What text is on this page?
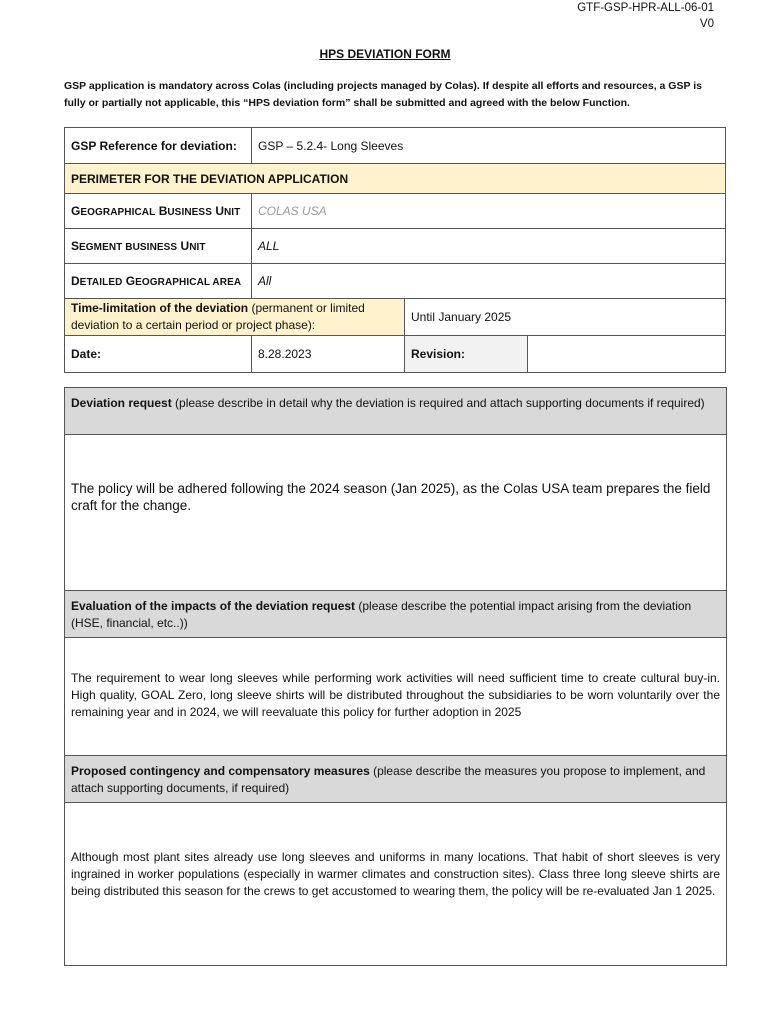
GTF-GSP-HPR-ALL-06-01
V0
HPS DEVIATION FORM
GSP application is mandatory across Colas (including projects managed by Colas). If despite all efforts and resources, a GSP is fully or partially not applicable, this “HPS deviation form” shall be submitted and agreed with the below Function.
GSP Reference for deviation:	GSP – 5.2.4- Long Sleeves		
PERIMETER FOR THE DEVIATION APPLICATION			
GEOGRAPHICAL BUSINESS UNIT	COLAS USA		
SEGMENT BUSINESS UNIT	ALL		
DETAILED GEOGRAPHICAL AREA	All		
Time-limitation of the deviation (permanent or limited deviation to a certain period or project phase):		Until January 2025	
Date:	8.28.2023	Revision:	
Deviation request (please describe in detail why the deviation is required and attach supporting documents if required)
The policy will be adhered following the 2024 season (Jan 2025), as the Colas USA team prepares the field craft for the change.
Evaluation of the impacts of the deviation request (please describe the potential impact arising from the deviation (HSE, financial, etc..))
The requirement to wear long sleeves while performing work activities will need sufficient time to create cultural buy-in. High quality, GOAL Zero, long sleeve shirts will be distributed throughout the subsidiaries to be worn voluntarily over the remaining year and in 2024, we will reevaluate this policy for further adoption in 2025
Proposed contingency and compensatory measures (please describe the measures you propose to implement, and attach supporting documents, if required)
Although most plant sites already use long sleeves and uniforms in many locations. That habit of short sleeves is very ingrained in worker populations (especially in warmer climates and construction sites). Class three long sleeve shirts are being distributed this season for the crews to get accustomed to wearing them, the policy will be re-evaluated Jan 1 2025.
